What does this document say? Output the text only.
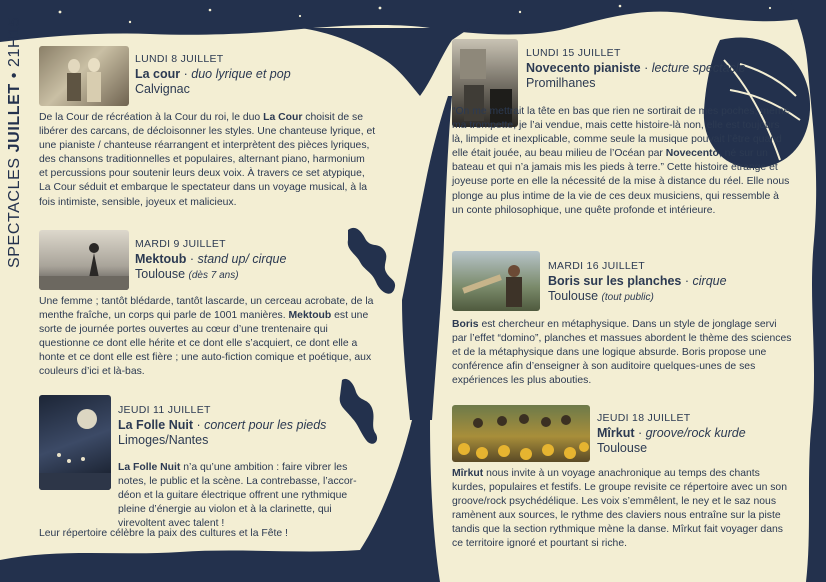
SPECTACLES JUILLET • 21H15	LUNDI 8 JUILLET
La cour · duo lyrique et pop
Calvignac
De la Cour de récréation à la Cour du roi, le duo La Cour choisit de se libérer des carcans, de décloisonner les styles. Une chanteuse lyrique, et une pianiste / chanteuse réarrangent et interprètent des pièces lyriques, des chansons traditionnelles et populaires, alternant piano, harmonium et percussions pour soutenir leurs deux voix. À travers ce set atypique, La Cour séduit et embarque le spectateur dans un voyage musical, à la fois intimiste, sensible, joyeux et malicieux.
MARDI 9 JUILLET
Mektoub · stand up/ cirque
Toulouse (dès 7 ans)
Une femme ; tantôt blédarde, tantôt lascarde, un cerceau acrobate, de la menthe fraîche, un corps qui parle de 1001 manières. Mektoub est une sorte de journée portes ouvertes au cœur d’une trentenaire qui questionne ce dont elle hérite et ce dont elle s’acquiert, ce dont elle a honte et ce dont elle est fière ; une auto-fiction comique et poétique, aux couleurs d’ici et là-bas.
JEUDI 11 JUILLET
La Folle Nuit · concert pour les pieds
Limoges/Nantes
La Folle Nuit n’a qu’une ambition : faire vibrer les notes, le public et la scène. La contrebasse, l’accor-déon et la guitare électrique offrent une rythmique pleine d’énergie au violon et à la clarinette, qui virevoltent avec talent !
Leur répertoire célèbre la paix des cultures et la Fête !
LUNDI 15 JUILLET
Novecento pianiste · lecture spectacle
Promilhanes
“On me mettrait la tête en bas que rien ne sortirait de mes poches, même ma trompette, je l’ai vendue, mais cette histoire-là non, elle est toujours là, limpide et inexplicable, comme seule la musique pouvait l’être quand elle était jouée, au beau milieu de l’Océan par Novecento, né sur un bateau et qui n’a jamais mis les pieds à terre.” Cette histoire étrange et joyeuse porte en elle la nécessité de la mise à distance du réel. Elle nous plonge au plus intime de la vie de ces deux musiciens, qui ressemble à un conte philosophique, une quête profonde et intérieure.
MARDI 16 JUILLET
Boris sur les planches · cirque
Toulouse (tout public)
Boris est chercheur en métaphysique. Dans un style de jonglage servi par l’effet “domino”, planches et massues abordent le thème des sciences et de la métaphysique dans une logique absurde. Boris propose une conférence afin d’enseigner à son auditoire quelques-unes de ses expériences les plus abouties.
JEUDI 18 JUILLET
Mîrkut · groove/rock kurde
Toulouse
Mîrkut nous invite à un voyage anachronique au temps des chants kurdes, populaires et festifs. Le groupe revisite ce répertoire avec un son groove/rock psychédélique. Les voix s’emmêlent, le ney et le saz nous ramènent aux sources, le rythme des claviers nous entraîne sur la piste tandis que la section rythmique mène la danse. Mîrkut fait voyager dans ce territoire ignoré et pourtant si riche.
